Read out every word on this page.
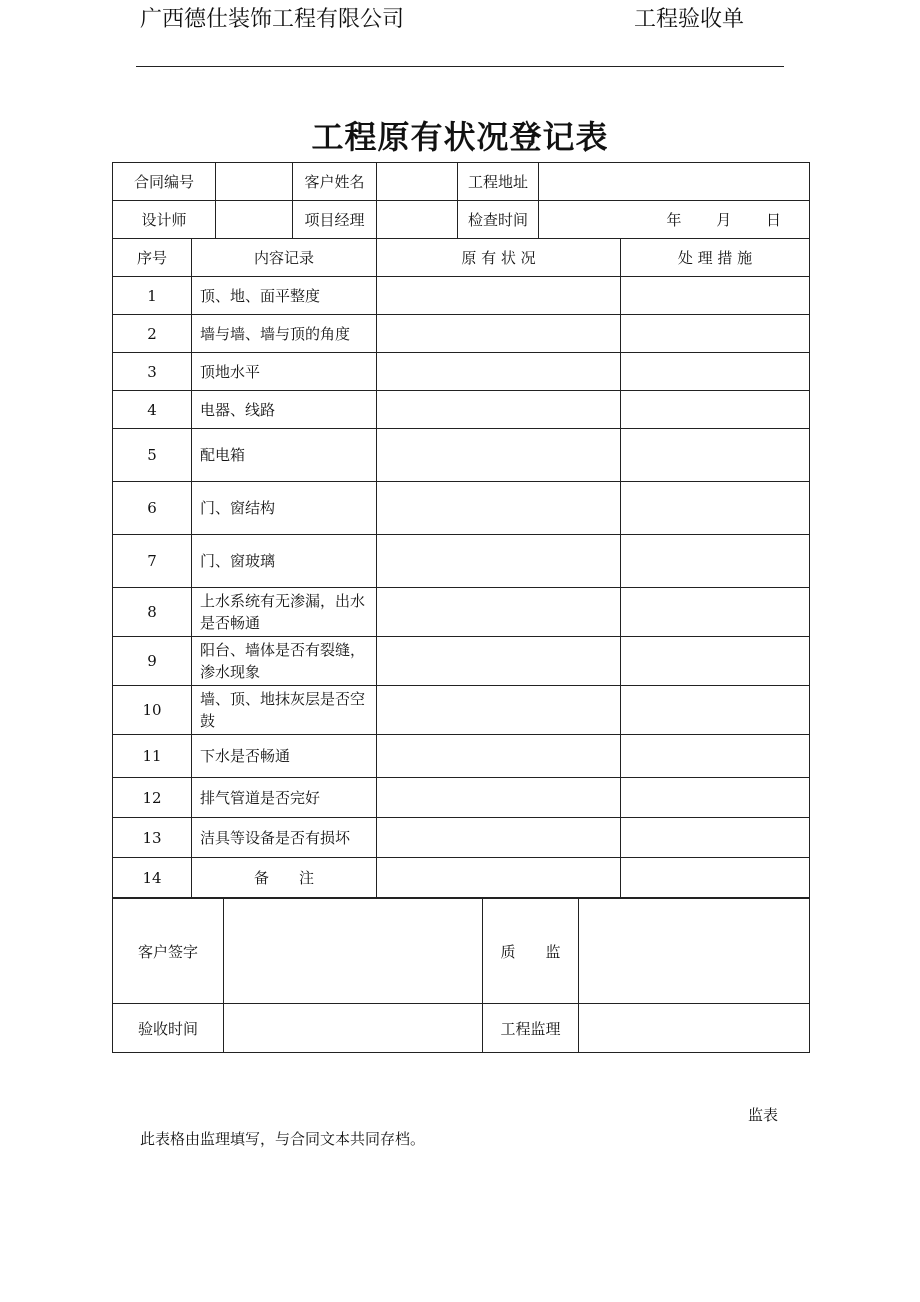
广西德仕装饰工程有限公司	工程验收单
工程原有状况登记表
合同编号			客户姓名		工程地址		
设计师			项目经理		检查时间	年 月 日	
序号	内容记录			原 有 状 况			处 理 措 施
1	顶、地、面平整度						
2	墙与墙、墙与顶的角度						
3	顶地水平						
4	电器、线路						
5	配电箱						
6	门、窗结构						
7	门、窗玻璃						
8	上水系统有无渗漏，出水是否畅通						
9	阳台、墙体是否有裂缝，渗水现象						
10	墙、顶、地抹灰层是否空鼓						
11	下水是否畅通						
12	排气管道是否完好						
13	洁具等设备是否有损坏						
14	备　　注						
客户签字		质　　监	
验收时间		工程监理	
监表
此表格由监理填写，与合同文本共同存档。
